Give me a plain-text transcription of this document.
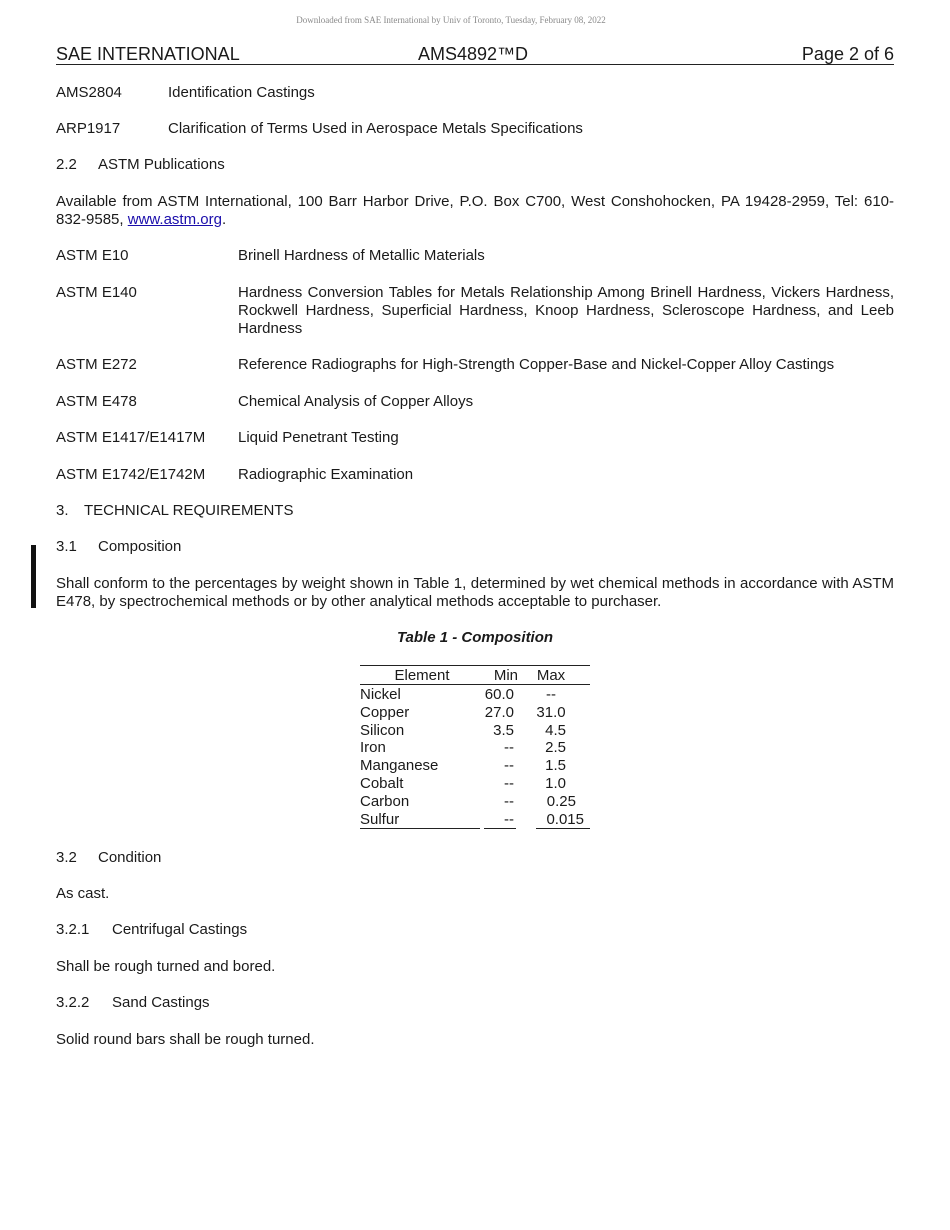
Downloaded from SAE International by Univ of Toronto, Tuesday, February 08, 2022
SAE INTERNATIONAL	AMS4892™D	Page 2 of 6
AMS2804	Identification Castings
ARP1917	Clarification of Terms Used in Aerospace Metals Specifications
2.2 ASTM Publications
Available from ASTM International, 100 Barr Harbor Drive, P.O. Box C700, West Conshohocken, PA 19428-2959, Tel: 610-832-9585, www.astm.org.
ASTM E10	Brinell Hardness of Metallic Materials
ASTM E140	Hardness Conversion Tables for Metals Relationship Among Brinell Hardness, Vickers Hardness, Rockwell Hardness, Superficial Hardness, Knoop Hardness, Scleroscope Hardness, and Leeb Hardness
ASTM E272	Reference Radiographs for High-Strength Copper-Base and Nickel-Copper Alloy Castings
ASTM E478	Chemical Analysis of Copper Alloys
ASTM E1417/E1417M Liquid Penetrant Testing
ASTM E1742/E1742M Radiographic Examination
3. TECHNICAL REQUIREMENTS
3.1 Composition
Shall conform to the percentages by weight shown in Table 1, determined by wet chemical methods in accordance with ASTM E478, by spectrochemical methods or by other analytical methods acceptable to purchaser.
Table 1 - Composition
Element	Min Max
Nickel	60.0	--
Copper	27.0 31.0
Silicon	3.5	4.5
Iron	--	2.5
Manganese	--	1.5
Cobalt	--	1.0
Carbon	--	0.25
Sulfur	--	0.015
3.2 Condition
As cast.
3.2.1 Centrifugal Castings
Shall be rough turned and bored.
3.2.2 Sand Castings
Solid round bars shall be rough turned.
